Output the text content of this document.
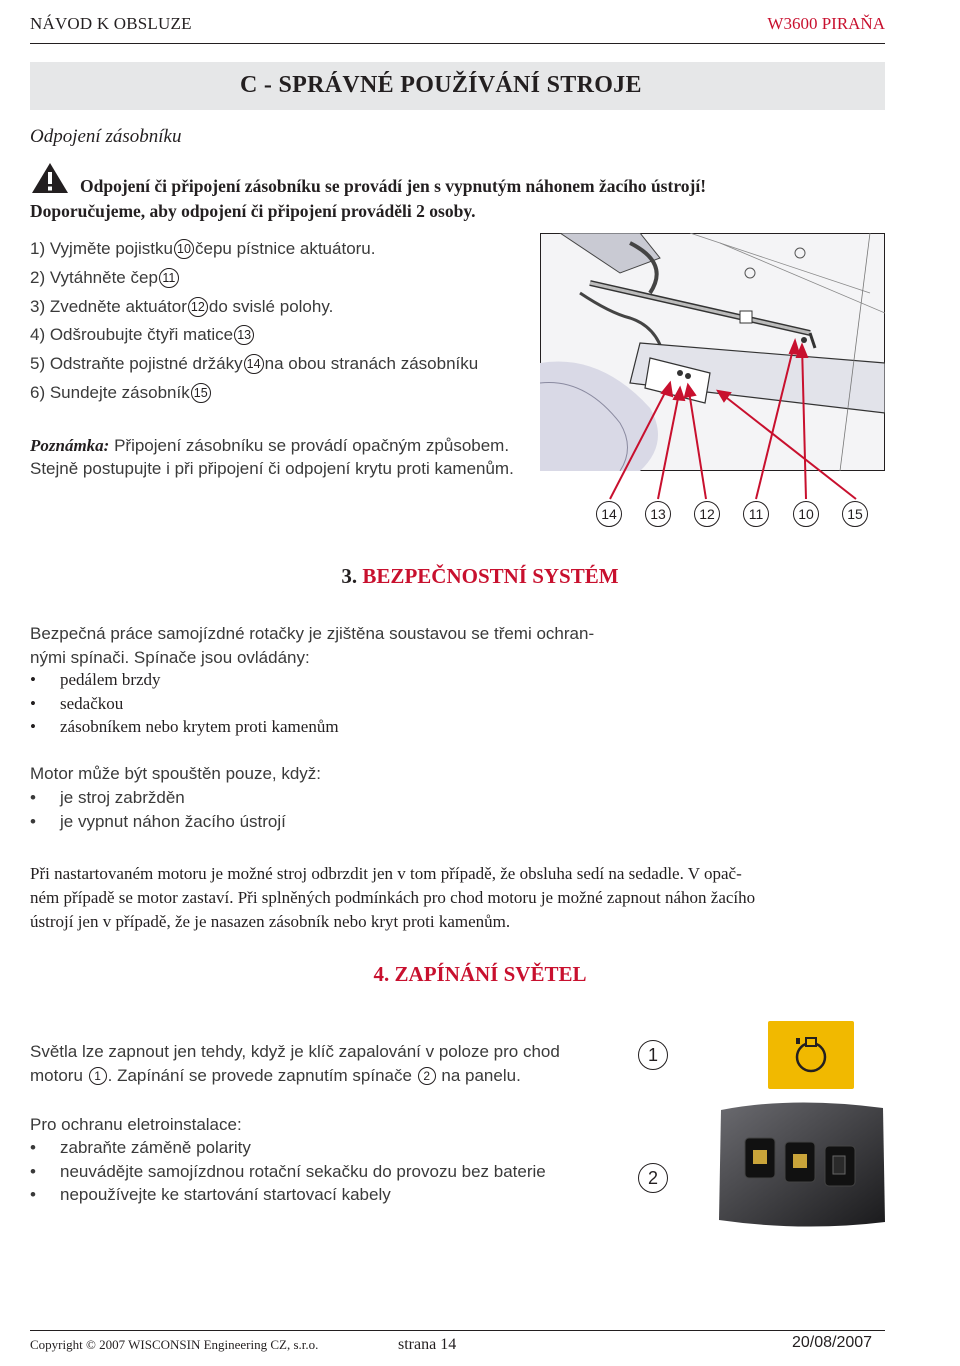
NÁVOD K OBSLUZE	W3600 PIRAŇA
C - SPRÁVNÉ POUŽÍVÁNÍ STROJE
Odpojení zásobníku
Odpojení či připojení zásobníku se provádí jen s vypnutým náhonem žacího ústrojí!
Doporučujeme, aby odpojení či připojení prováděli 2 osoby.
1) Vyjměte pojistku 10 čepu pístnice aktuátoru.
2) Vytáhněte čep 11
3) Zvedněte aktuátor 12 do svislé polohy.
4) Odšroubujte čtyři matice 13
5) Odstraňte pojistné držáky 14 na obou stranách zásobníku
6) Sundejte zásobník 15
Poznámka: Připojení zásobníku se provádí opačným způsobem. Stejně postupujte i při připojení či odpojení krytu proti kamenům.
14	13	12	11	10	15
3. BEZPEČNOSTNÍ SYSTÉM
Bezpečná práce samojízdné rotačky je zjištěna soustavou se třemi ochran-
nými spínači. Spínače jsou ovládány:
• pedálem brzdy
• sedačkou
• zásobníkem nebo krytem proti kamenům
Motor může být spouštěn pouze, když:
• je stroj zabržděn
• je vypnut náhon žacího ústrojí
Při nastartovaném motoru je možné stroj odbrzdit jen v tom případě, že obsluha sedí na sedadle. V opač-
ném případě se motor zastaví. Při splněných podmínkách pro chod motoru je možné zapnout náhon žacího
ústrojí jen v případě, že je nasazen zásobník nebo kryt proti kamenům.
4. ZAPÍNÁNÍ SVĚTEL
Světla lze zapnout jen tehdy, když je klíč zapalování v poloze pro chod
motoru 1 . Zapínání se provede zapnutím spínače 2 na panelu.
Pro ochranu eletroinstalace:
• zabraňte záměně polarity
• neuvádějte samojízdnou rotační sekačku do provozu bez baterie
• nepoužívejte ke startování startovací kabely
1
2
Copyright © 2007 WISCONSIN Engineering CZ, s.r.o.	strana 14	20/08/2007
